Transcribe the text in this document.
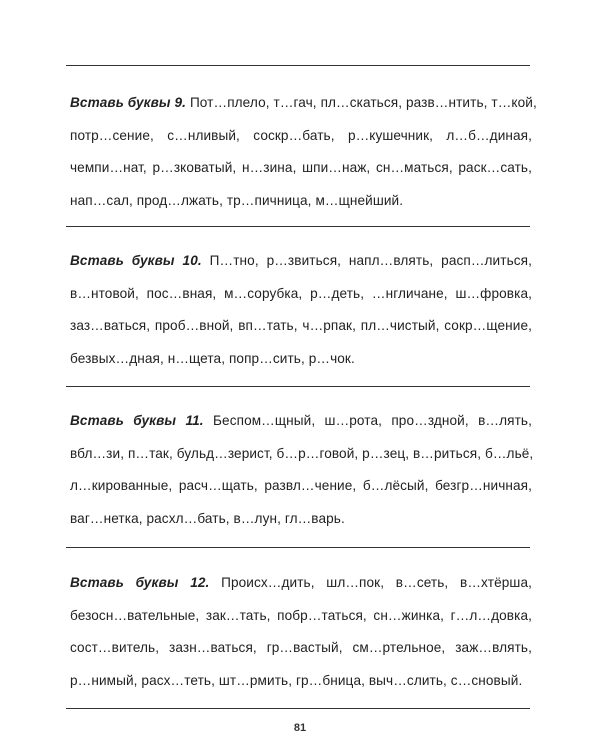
Вставь буквы 9. Пот…плело, т…гач, пл…скаться, разв…нтить, т…кой,
потр…сение, с…нливый, соскр…бать, р…кушечник, л…б…диная,
чемпи…нат, р…зковатый, н…зина, шпи…наж, сн…маться, раск…сать,
нап…сал, прод…лжать, тр…пичница, м…щнейший.
Вставь буквы 10. П…тно, р…звиться, напл…влять, расп…литься,
в…нтовой, пос…вная, м…сорубка, р…деть, …нгличане, ш…фровка,
заз…ваться, проб…вной, вп…тать, ч…рпак, пл…чистый, сокр…щение,
безвых…дная, н…щета, попр…сить, р…чок.
Вставь буквы 11. Беспом…щный, ш…рота, про…здной, в…лять,
вбл…зи, п…так, бульд…зерист, б…р…говой, р…зец, в…риться, б…льё,
л…кированные, расч…щать, развл…чение, б…лёсый, безгр…ничная,
ваг…нетка, расхл…бать, в…лун, гл…варь.
Вставь буквы 12. Происх…дить, шл…пок, в…сеть, в…хтёрша,
безосн…вательные, зак…тать, побр…таться, сн…жинка, г…л…довка,
сост…витель, зазн…ваться, гр…вастый, см…ртельное, заж…влять,
р…нимый, расх…теть, шт…рмить, гр…бница, выч…слить, с…сновый.
81
